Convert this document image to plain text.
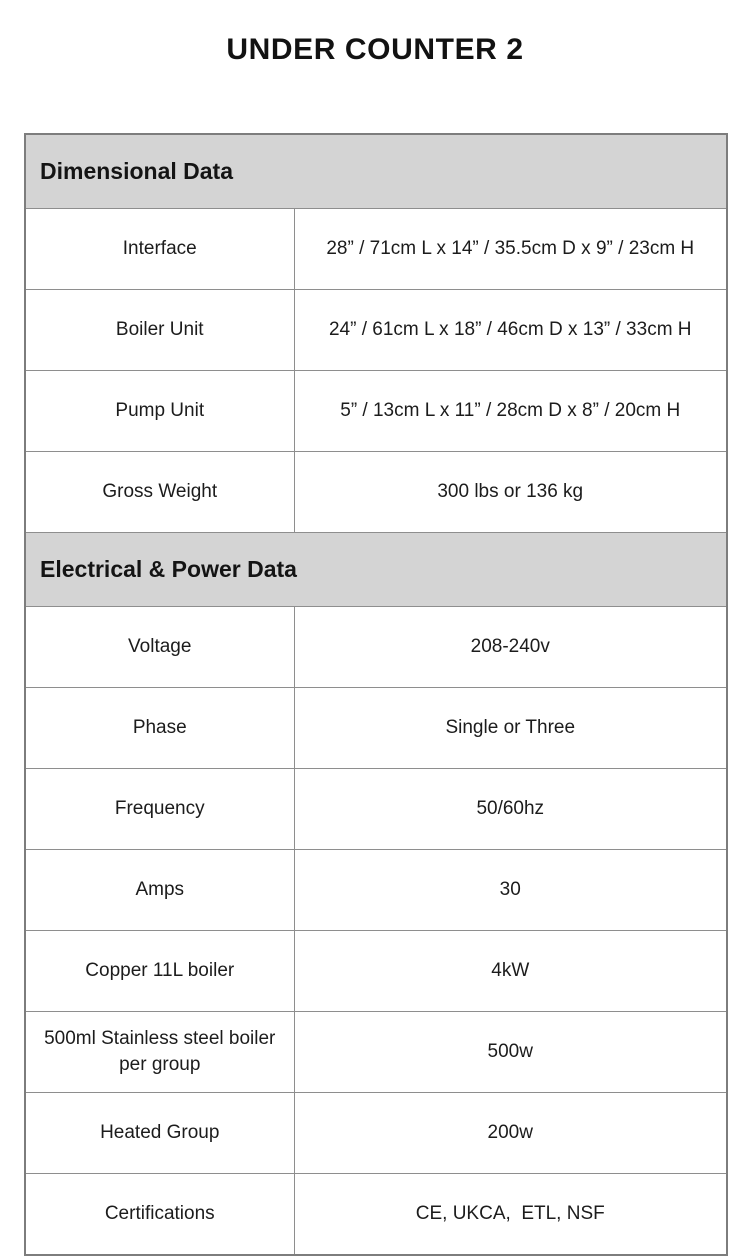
UNDER COUNTER 2
Dimensional Data	
Interface	28” / 71cm L x 14” / 35.5cm D x 9” / 23cm H
Boiler Unit	24” / 61cm L x 18” / 46cm D x 13” / 33cm H
Pump Unit	5” / 13cm L x 11” / 28cm D x 8” / 20cm H
Gross Weight	300 lbs or 136 kg
Electrical & Power Data	
Voltage	208-240v
Phase	Single or Three
Frequency	50/60hz
Amps	30
Copper 11L boiler	4kW
500ml Stainless steel boiler per group	500w
Heated Group	200w
Certifications	CE, UKCA,  ETL, NSF
